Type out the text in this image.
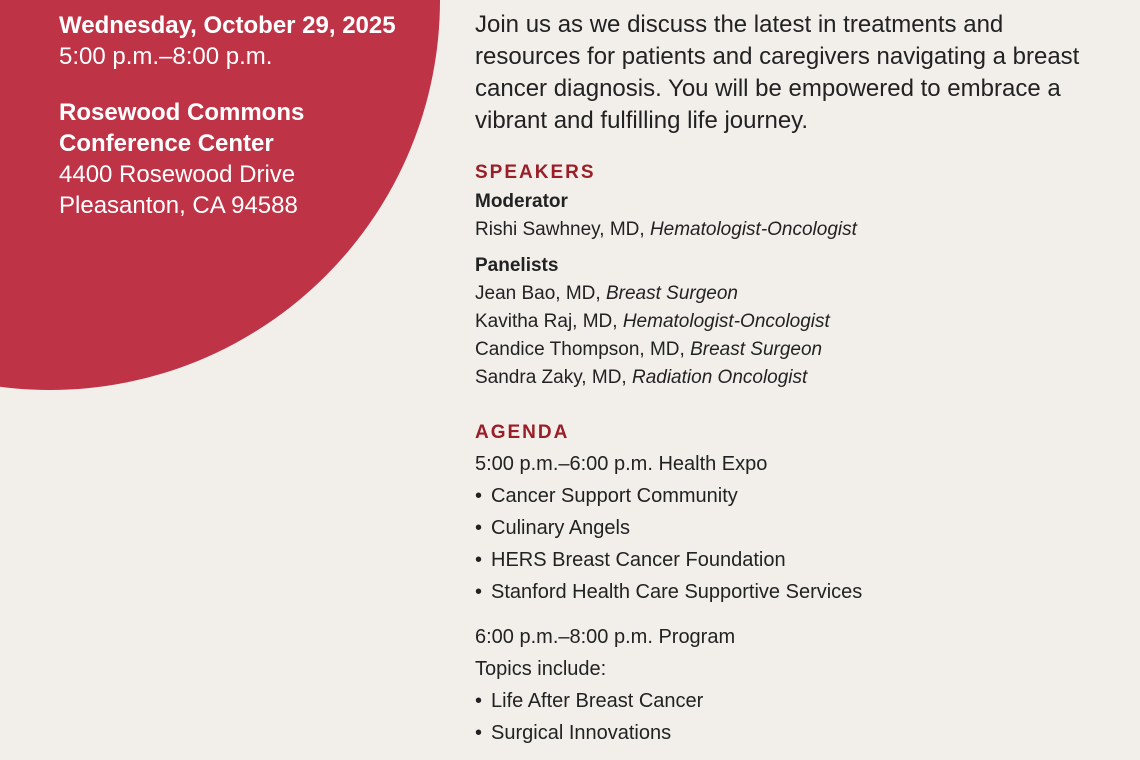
Wednesday, October 29, 2025
5:00 p.m.–8:00 p.m.
Rosewood Commons
Conference Center
4400 Rosewood Drive
Pleasanton, CA 94588

Join us as we discuss the latest in treatments and resources for patients and caregivers navigating a breast cancer diagnosis. You will be empowered to embrace a vibrant and fulfilling life journey.

SPEAKERS
Moderator
Rishi Sawhney, MD, Hematologist-Oncologist
Panelists
Jean Bao, MD, Breast Surgeon
Kavitha Raj, MD, Hematologist-Oncologist
Candice Thompson, MD, Breast Surgeon
Sandra Zaky, MD, Radiation Oncologist
AGENDA
5:00 p.m.–6:00 p.m. Health Expo
• Cancer Support Community
• Culinary Angels
• HERS Breast Cancer Foundation
• Stanford Health Care Supportive Services
6:00 p.m.–8:00 p.m. Program
Topics include:
• Life After Breast Cancer
• Surgical Innovations
